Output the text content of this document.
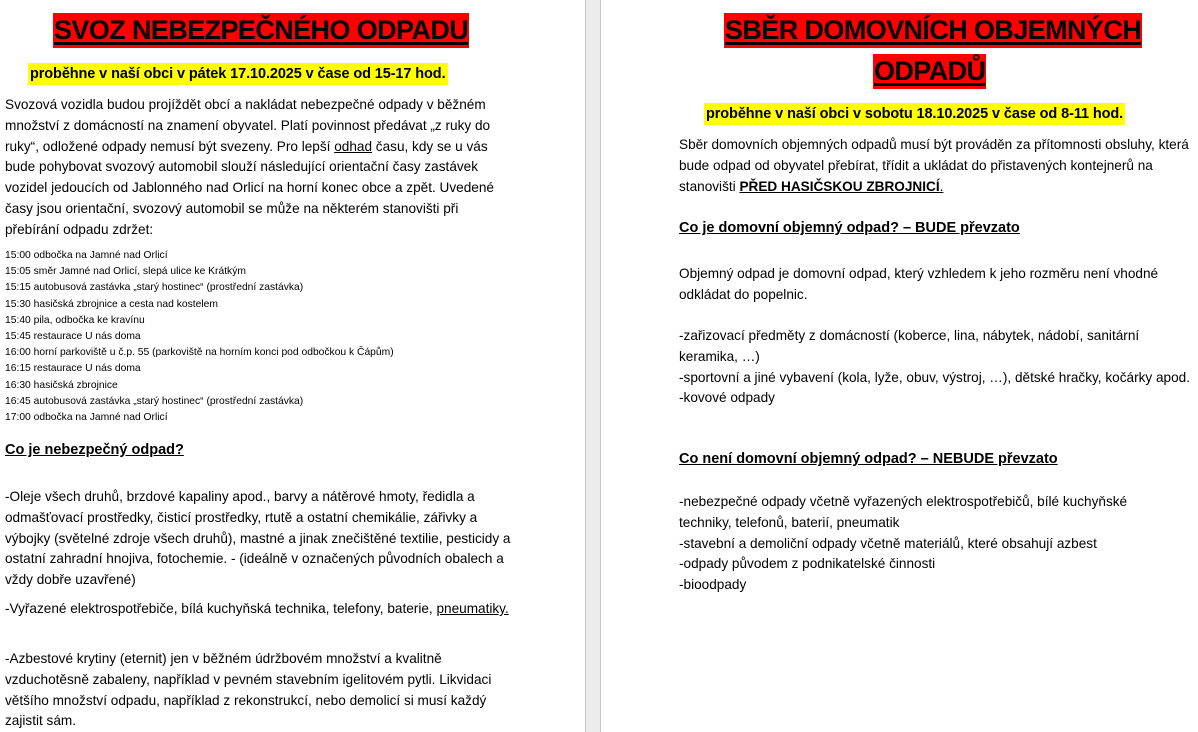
SVOZ NEBEZPEČNÉHO ODPADU
proběhne v naší obci v pátek 17.10.2025 v čase od 15-17 hod.
Svozová vozidla budou projíždět obcí a nakládat nebezpečné odpady v běžném množství z domácností na znamení obyvatel. Platí povinnost předávat „z ruky do ruky“, odložené odpady nemusí být svezeny. Pro lepší odhad času, kdy se u vás bude pohybovat svozový automobil slouží následující orientační časy zastávek vozidel jedoucích od Jablonného nad Orlicí na horní konec obce a zpět. Uvedené časy jsou orientační, svozový automobil se může na některém stanovišti při přebírání odpadu zdržet:
15:00 odbočka na Jamné nad Orlicí
15:05 směr Jamné nad Orlicí, slepá ulice ke Krátkým
15:15 autobusová zastávka „starý hostinec“ (prostřední zastávka)
15:30 hasičská zbrojnice a cesta nad kostelem
15:40 pila, odbočka ke kravínu
15:45 restaurace U nás doma
16:00 horní parkoviště u č.p. 55 (parkoviště na horním konci pod odbočkou k Čápům)
16:15 restaurace U nás doma
16:30 hasičská zbrojnice
16:45 autobusová zastávka „starý hostinec“ (prostřední zastávka)
17:00 odbočka na Jamné nad Orlicí
Co je nebezpečný odpad?
-Oleje všech druhů, brzdové kapaliny apod., barvy a nátěrové hmoty, ředidla a odmašťovací prostředky, čisticí prostředky, rtutě a ostatní chemikálie, zářivky a výbojky (světelné zdroje všech druhů), mastné a jinak znečištěné textilie, pesticidy a ostatní zahradní hnojiva, fotochemie. - (ideálně v označených původních obalech a vždy dobře uzavřené)
-Vyřazené elektrospotřebiče, bílá kuchyňská technika, telefony, baterie, pneumatiky.
-Azbestové krytiny (eternit) jen v běžném údržbovém množství a kvalitně vzduchotěsně zabaleny, například v pevném stavebním igelitovém pytli. Likvidaci většího množství odpadu, například z rekonstrukcí, nebo demolicí si musí každý zajistit sám.
SBĚR DOMOVNÍCH OBJEMNÝCH
ODPADŮ
proběhne v naší obci v sobotu 18.10.2025 v čase od 8-11 hod.
Sběr domovních objemných odpadů musí být prováděn za přítomnosti obsluhy, která bude odpad od obyvatel přebírat, třídit a ukládat do přistavených kontejnerů na stanovišti PŘED HASIČSKOU ZBROJNICÍ.
Co je domovní objemný odpad? – BUDE převzato
Objemný odpad je domovní odpad, který vzhledem k jeho rozměru není vhodné odkládat do popelnic.
-zařizovací předměty z domácností (koberce, lina, nábytek, nádobí, sanitární keramika, …)
-sportovní a jiné vybavení (kola, lyže, obuv, výstroj, …), dětské hračky, kočárky apod.
-kovové odpady
Co není domovní objemný odpad? – NEBUDE převzato
-nebezpečné odpady včetně vyřazených elektrospotřebičů, bílé kuchyňské techniky, telefonů, baterií, pneumatik
-stavební a demoliční odpady včetně materiálů, které obsahují azbest
-odpady původem z podnikatelské činnosti
-bioodpady
